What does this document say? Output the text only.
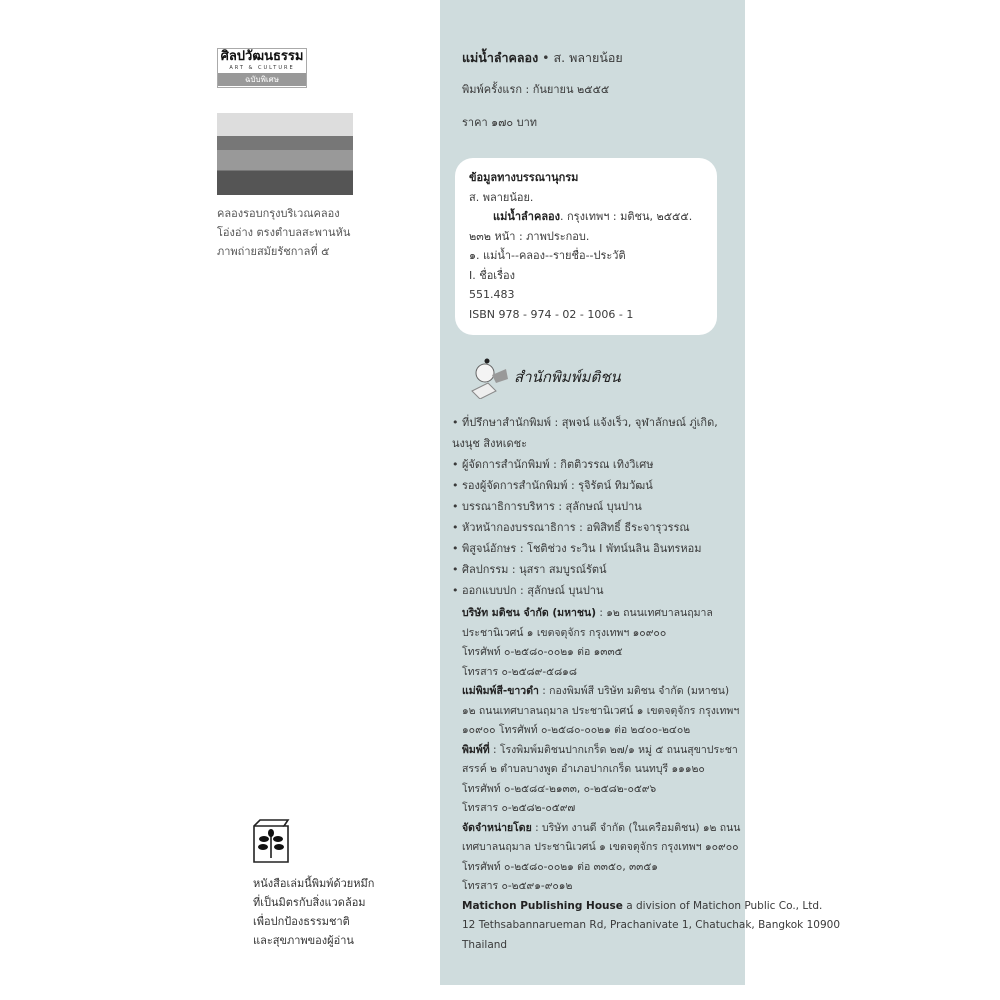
ศิลปวัฒนธรรม
ART & CULTURE
ฉบับพิเศษ
คลองรอบกรุงบริเวณคลอง
โอ่งอ่าง ตรงตำบลสะพานหัน
ภาพถ่ายสมัยรัชกาลที่ ๕
หนังสือเล่มนี้พิมพ์ด้วยหมึก
ที่เป็นมิตรกับสิ่งแวดล้อม
เพื่อปกป้องธรรมชาติ
และสุขภาพของผู้อ่าน
แม่น้ำลำคลอง • ส. พลายน้อย
พิมพ์ครั้งแรก : กันยายน ๒๕๕๕
ราคา ๑๗๐ บาท
ข้อมูลทางบรรณานุกรม
ส. พลายน้อย.
แม่น้ำลำคลอง. กรุงเทพฯ : มติชน, ๒๕๕๕.
๒๓๒ หน้า : ภาพประกอบ.
๑. แม่น้ำ--คลอง--รายชื่อ--ประวัติ
I. ชื่อเรื่อง
551.483
ISBN 978 - 974 - 02 - 1006 - 1
สำนักพิมพ์มติชน
• ที่ปรึกษาสำนักพิมพ์ : สุพจน์ แจ้งเร็ว, จุฬาลักษณ์ ภู่เกิด,
นงนุช สิงหเดชะ
• ผู้จัดการสำนักพิมพ์ : กิตติวรรณ เทิงวิเศษ
• รองผู้จัดการสำนักพิมพ์ : รุจิรัตน์ ทิมวัฒน์
• บรรณาธิการบริหาร : สุลักษณ์ บุนปาน
• หัวหน้ากองบรรณาธิการ : อพิสิทธิ์ ธีระจารุวรรณ
• พิสูจน์อักษร : โชติช่วง ระวิน I พัทน์นลิน อินทรหอม
• ศิลปกรรม : นุสรา สมบูรณ์รัตน์
• ออกแบบปก : สุลักษณ์ บุนปาน
บริษัท มติชน จำกัด (มหาชน) : ๑๒ ถนนเทศบาลนฤมาล
ประชานิเวศน์ ๑ เขตจตุจักร กรุงเทพฯ ๑๐๙๐๐
โทรศัพท์ ๐-๒๕๘๐-๐๐๒๑ ต่อ ๑๓๓๕
โทรสาร ๐-๒๕๘๙-๕๘๑๘
แม่พิมพ์สี-ขาวดำ : กองพิมพ์สี บริษัท มติชน จำกัด (มหาชน)
๑๒ ถนนเทศบาลนฤมาล ประชานิเวศน์ ๑ เขตจตุจักร กรุงเทพฯ
๑๐๙๐๐ โทรศัพท์ ๐-๒๕๘๐-๐๐๒๑ ต่อ ๒๔๐๐-๒๔๐๒
พิมพ์ที่ : โรงพิมพ์มติชนปากเกร็ด ๒๗/๑ หมู่ ๕ ถนนสุขาประชา
สรรค์ ๒ ตำบลบางพูด อำเภอปากเกร็ด นนทบุรี ๑๑๑๒๐
โทรศัพท์ ๐-๒๕๘๔-๒๑๓๓, ๐-๒๕๘๒-๐๕๙๖
โทรสาร ๐-๒๕๘๒-๐๕๙๗
จัดจำหน่ายโดย : บริษัท งานดี จำกัด (ในเครือมติชน) ๑๒ ถนน
เทศบาลนฤมาล ประชานิเวศน์ ๑ เขตจตุจักร กรุงเทพฯ ๑๐๙๐๐
โทรศัพท์ ๐-๒๕๘๐-๐๐๒๑ ต่อ ๓๓๕๐, ๓๓๕๑
โทรสาร ๐-๒๕๙๑-๙๐๑๒
Matichon Publishing House a division of Matichon Public Co., Ltd.
12 Tethsabannarueman Rd, Prachanivate 1, Chatuchak, Bangkok 10900
Thailand
